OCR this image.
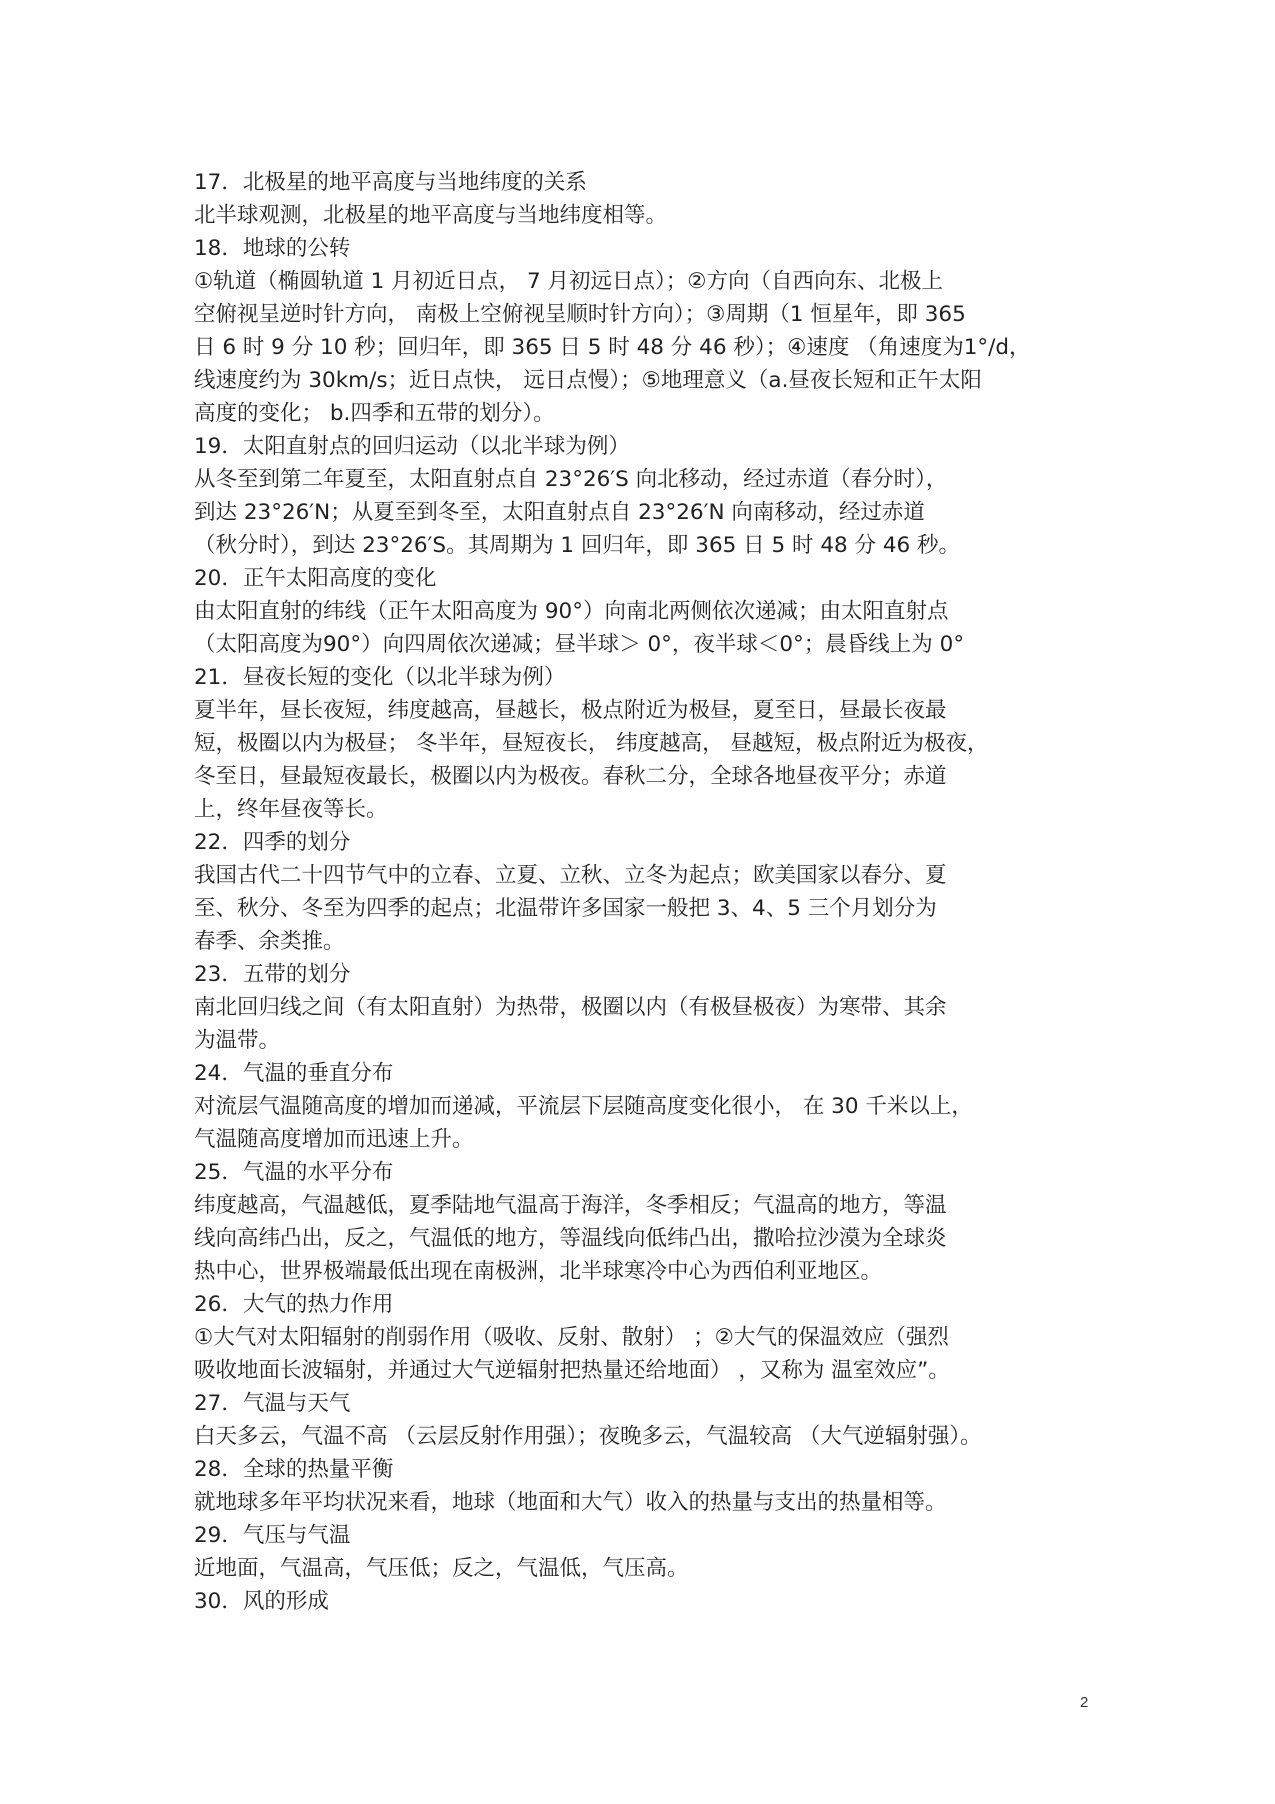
17．北极星的地平高度与当地纬度的关系
北半球观测，北极星的地平高度与当地纬度相等。
18．地球的公转
①轨道（椭圆轨道 1 月初近日点， 7 月初远日点）；②方向（自西向东、北极上
空俯视呈逆时针方向， 南极上空俯视呈顺时针方向）；③周期（1 恒星年，即 365
日 6 时 9 分 10 秒；回归年，即 365 日 5 时 48 分 46 秒）；④速度 （角速度为1°/d，
线速度约为 30km/s；近日点快， 远日点慢）；⑤地理意义（a.昼夜长短和正午太阳
高度的变化； b.四季和五带的划分）。
19．太阳直射点的回归运动（以北半球为例）
从冬至到第二年夏至，太阳直射点自 23°26′S 向北移动，经过赤道（春分时），
到达 23°26′N；从夏至到冬至，太阳直射点自 23°26′N 向南移动，经过赤道
（秋分时），到达 23°26′S。其周期为 1 回归年，即 365 日 5 时 48 分 46 秒。
20．正午太阳高度的变化
由太阳直射的纬线（正午太阳高度为 90°）向南北两侧依次递减；由太阳直射点
（太阳高度为90°）向四周依次递减；昼半球＞ 0°，夜半球＜0°；晨昏线上为 0°
21．昼夜长短的变化（以北半球为例）
夏半年，昼长夜短，纬度越高，昼越长，极点附近为极昼，夏至日，昼最长夜最
短，极圈以内为极昼； 冬半年，昼短夜长， 纬度越高， 昼越短，极点附近为极夜，
冬至日，昼最短夜最长，极圈以内为极夜。春秋二分，全球各地昼夜平分；赤道
上，终年昼夜等长。
22．四季的划分
我国古代二十四节气中的立春、立夏、立秋、立冬为起点；欧美国家以春分、夏
至、秋分、冬至为四季的起点；北温带许多国家一般把 3、4、5 三个月划分为
春季、余类推。
23．五带的划分
南北回归线之间（有太阳直射）为热带，极圈以内（有极昼极夜）为寒带、其余
为温带。
24．气温的垂直分布
对流层气温随高度的增加而递减，平流层下层随高度变化很小， 在 30 千米以上，
气温随高度增加而迅速上升。
25．气温的水平分布
纬度越高，气温越低，夏季陆地气温高于海洋，冬季相反；气温高的地方，等温
线向高纬凸出，反之，气温低的地方，等温线向低纬凸出，撒哈拉沙漠为全球炎
热中心，世界极端最低出现在南极洲，北半球寒冷中心为西伯利亚地区。
26．大气的热力作用
①大气对太阳辐射的削弱作用（吸收、反射、散射） ；②大气的保温效应（强烈
吸收地面长波辐射，并通过大气逆辐射把热量还给地面） ，又称为 温室效应”。
27．气温与天气
白天多云，气温不高 （云层反射作用强）；夜晚多云，气温较高 （大气逆辐射强）。
28．全球的热量平衡
就地球多年平均状况来看，地球（地面和大气）收入的热量与支出的热量相等。
29．气压与气温
近地面，气温高，气压低；反之，气温低，气压高。
30．风的形成
2
